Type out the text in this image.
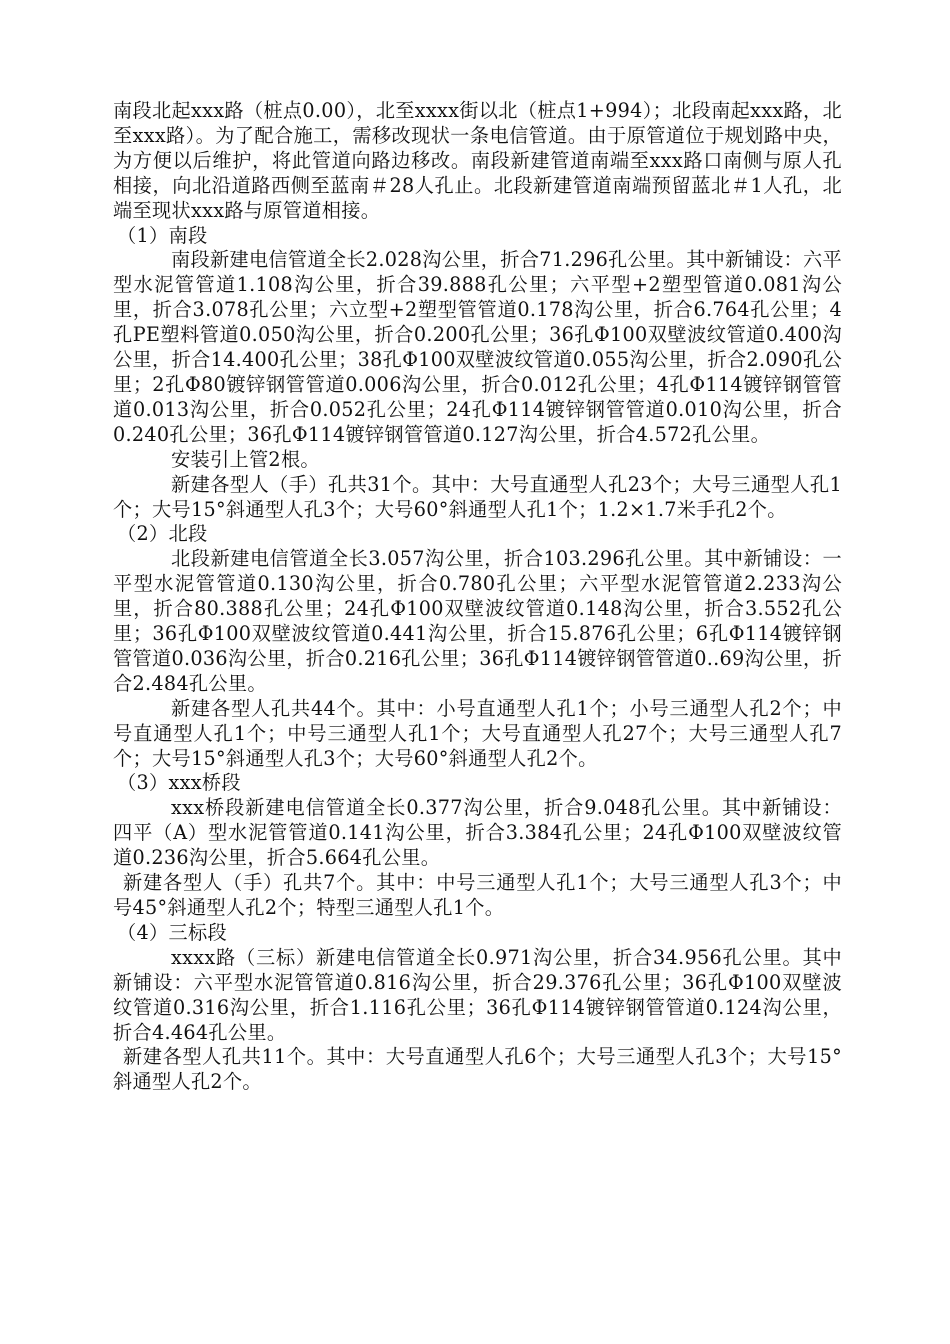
南段北起xxx路（桩点0.00），北至xxxx街以北（桩点1+994）；北段南起xxx路，北至xxx路）。为了配合施工，需移改现状一条电信管道。由于原管道位于规划路中央，为方便以后维护，将此管道向路边移改。南段新建管道南端至xxx路口南侧与原人孔相接，向北沿道路西侧至蓝南＃28人孔止。北段新建管道南端预留蓝北＃1人孔，北端至现状xxx路与原管道相接。

（1）南段

南段新建电信管道全长2.028沟公里，折合71.296孔公里。其中新铺设：六平型水泥管管道1.108沟公里，折合39.888孔公里；六平型+2塑型管道0.081沟公里，折合3.078孔公里；六立型+2塑型管管道0.178沟公里，折合6.764孔公里；4孔PE塑料管道0.050沟公里，折合0.200孔公里；36孔Φ100双壁波纹管道0.400沟公里，折合14.400孔公里；38孔Φ100双壁波纹管道0.055沟公里，折合2.090孔公里；2孔Φ80镀锌钢管管道0.006沟公里，折合0.012孔公里；4孔Φ114镀锌钢管管道0.013沟公里，折合0.052孔公里；24孔Φ114镀锌钢管管道0.010沟公里，折合0.240孔公里；36孔Φ114镀锌钢管管道0.127沟公里，折合4.572孔公里。

安装引上管2根。

新建各型人（手）孔共31个。其中：大号直通型人孔23个；大号三通型人孔1个；大号15°斜通型人孔3个；大号60°斜通型人孔1个；1.2×1.7米手孔2个。

（2）北段

北段新建电信管道全长3.057沟公里，折合103.296孔公里。其中新铺设：一平型水泥管管道0.130沟公里，折合0.780孔公里；六平型水泥管管道2.233沟公里，折合80.388孔公里；24孔Φ100双壁波纹管道0.148沟公里，折合3.552孔公里；36孔Φ100双壁波纹管道0.441沟公里，折合15.876孔公里；6孔Φ114镀锌钢管管道0.036沟公里，折合0.216孔公里；36孔Φ114镀锌钢管管道0..69沟公里，折合2.484孔公里。

新建各型人孔共44个。其中：小号直通型人孔1个；小号三通型人孔2个；中号直通型人孔1个；中号三通型人孔1个；大号直通型人孔27个；大号三通型人孔7个；大号15°斜通型人孔3个；大号60°斜通型人孔2个。

（3）xxx桥段

xxx桥段新建电信管道全长0.377沟公里，折合9.048孔公里。其中新铺设：四平（A）型水泥管管道0.141沟公里，折合3.384孔公里；24孔Φ100双壁波纹管道0.236沟公里，折合5.664孔公里。

新建各型人（手）孔共7个。其中：中号三通型人孔1个；大号三通型人孔3个；中号45°斜通型人孔2个；特型三通型人孔1个。

（4）三标段

xxxx路（三标）新建电信管道全长0.971沟公里，折合34.956孔公里。其中新铺设：六平型水泥管管道0.816沟公里，折合29.376孔公里；36孔Φ100双壁波纹管道0.316沟公里，折合1.116孔公里；36孔Φ114镀锌钢管管道0.124沟公里，折合4.464孔公里。

新建各型人孔共11个。其中：大号直通型人孔6个；大号三通型人孔3个；大号15°斜通型人孔2个。
